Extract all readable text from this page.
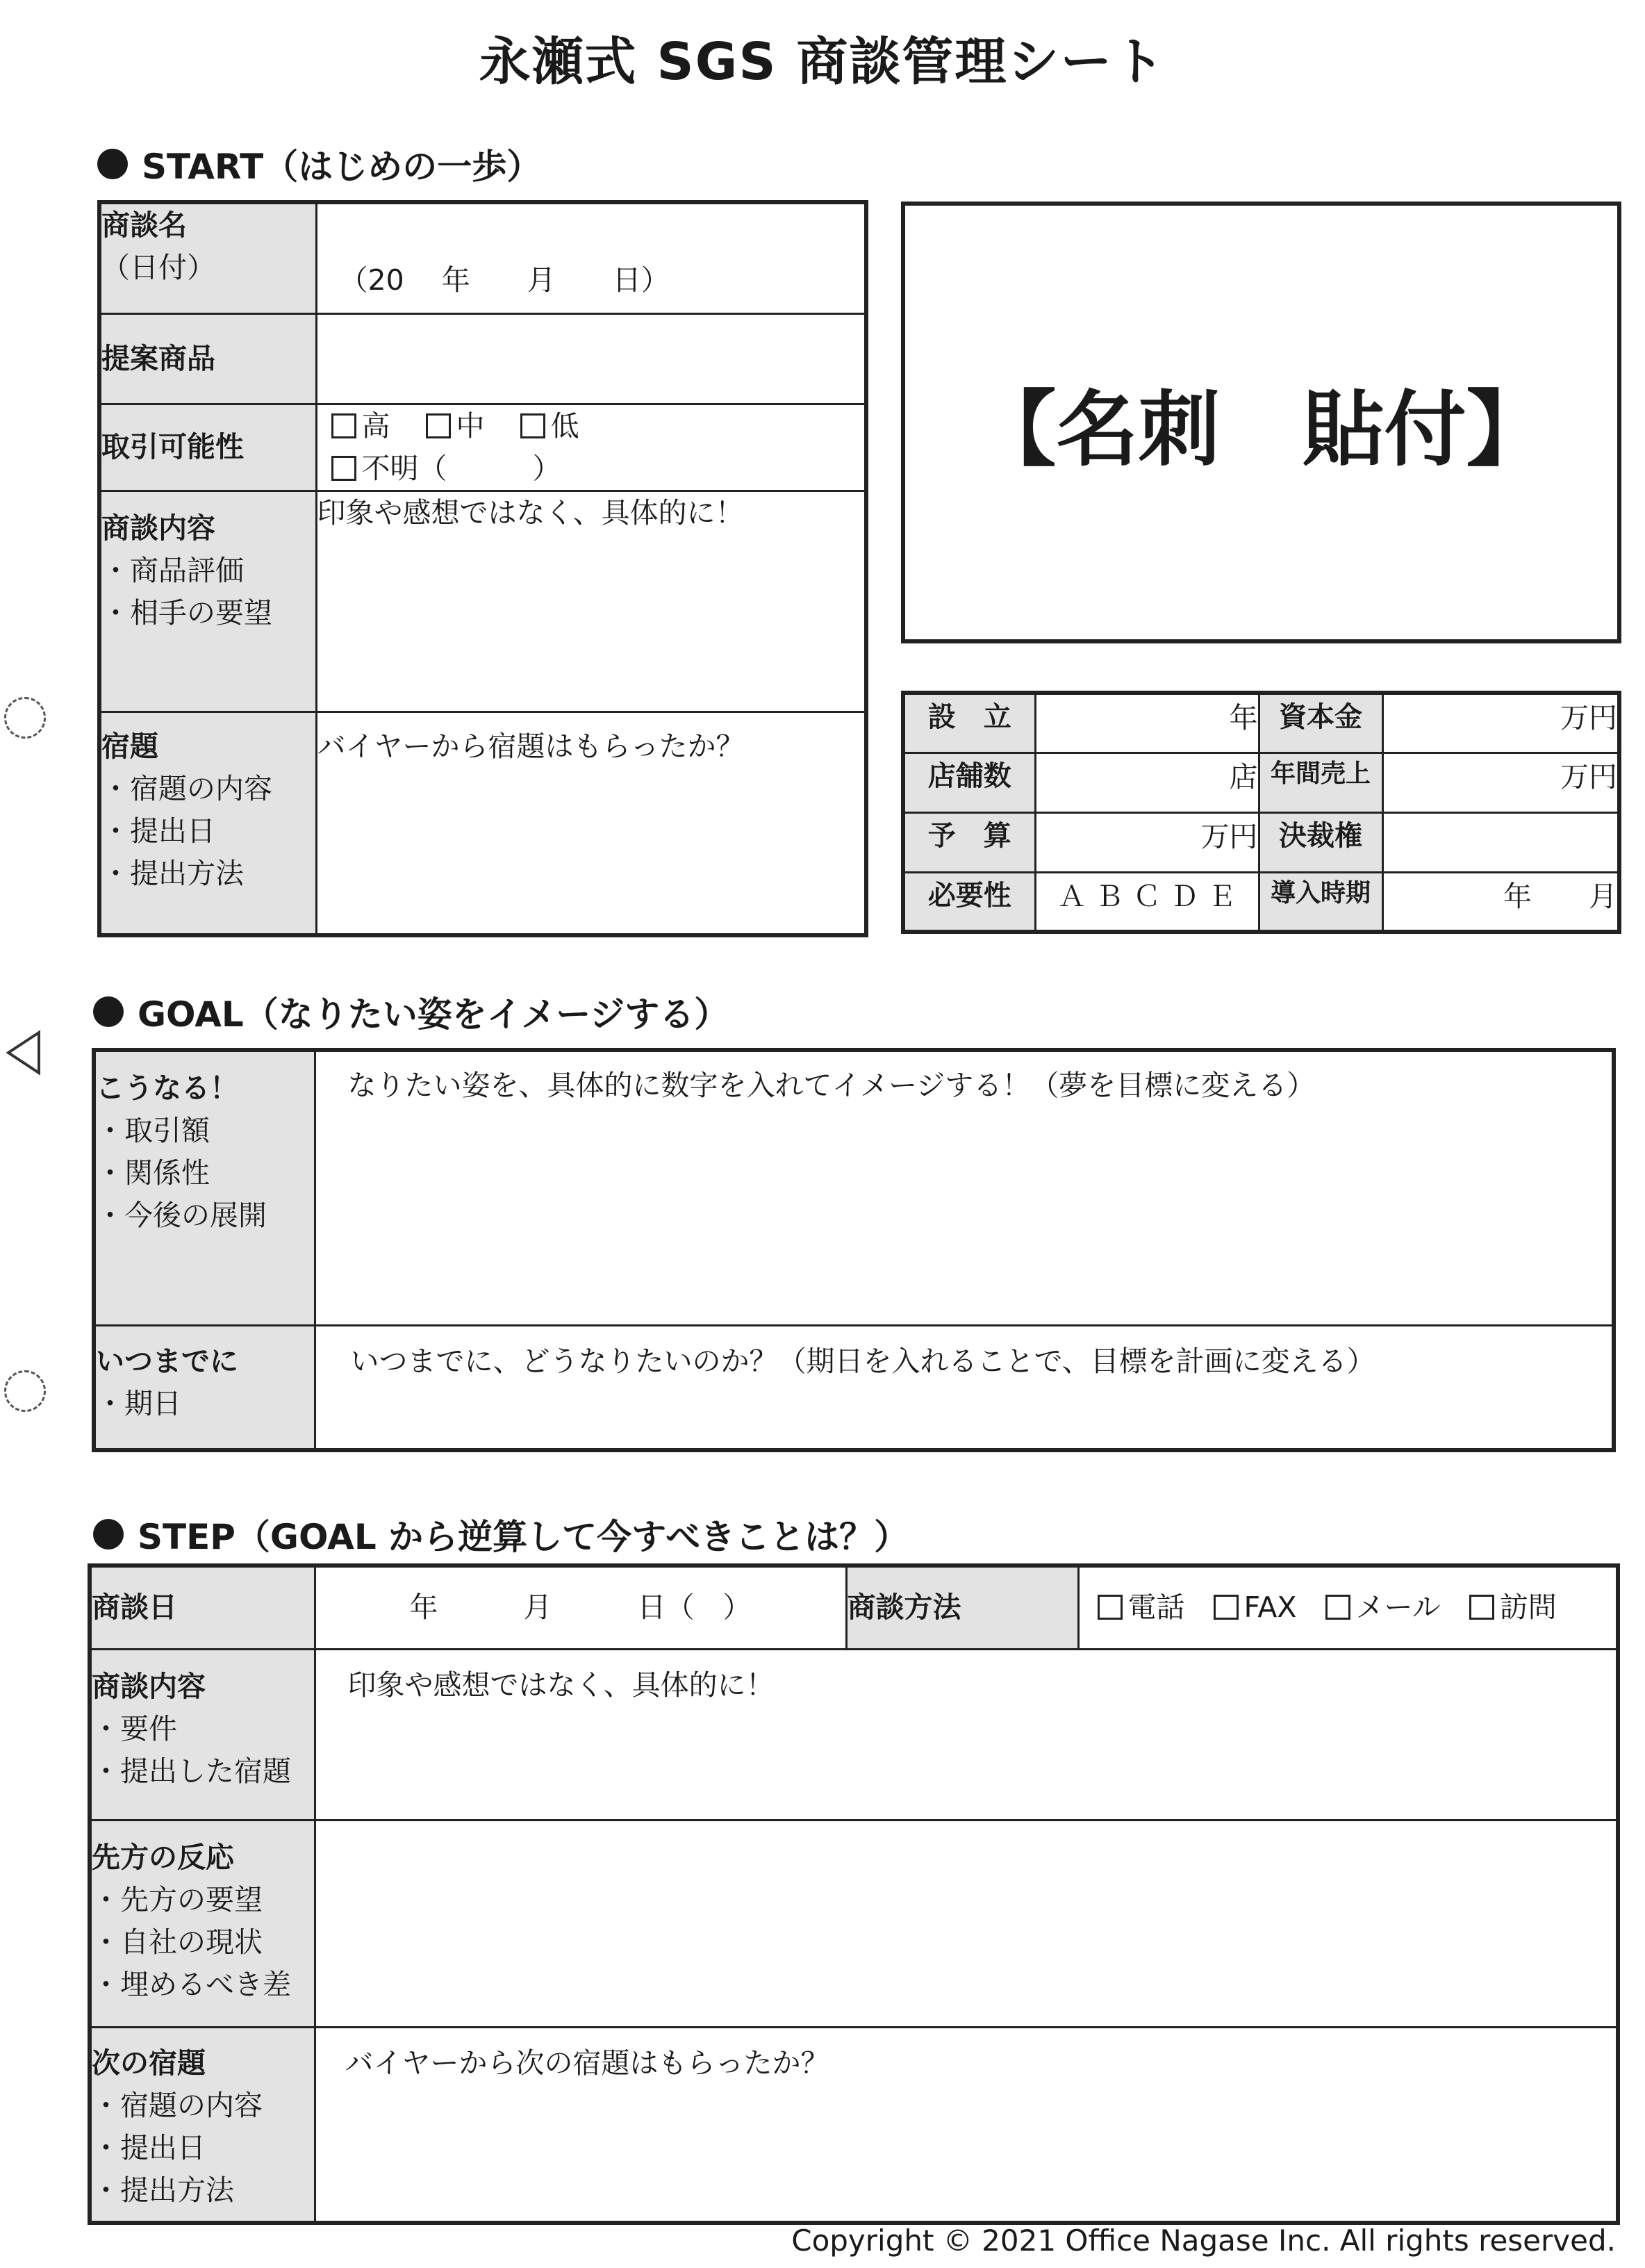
永瀬式 SGS 商談管理シート
START（はじめの一歩）
商談名
（日付）	（20　 年　　月　　日）
提案商品	
取引可能性	高 中 低 不明（　　　）

商談内容
・商品評価
・相手の要望	印象や感想ではなく、具体的に！

宿題
・宿題の内容
・提出日
・提出方法	バイヤーから宿題はもらったか？
【名刺　貼付】
設　立	年	資本金	万円
店舗数	店	年間売上	万円
予　算	万円	決裁権	
必要性	Ａ Ｂ Ｃ Ｄ Ｅ	導入時期	年　　月
GOAL（なりたい姿をイメージする）
こうなる！
・取引額
・関係性
・今後の展開	なりたい姿を、具体的に数字を入れてイメージする！（夢を目標に変える）

いつまでに
・期日	いつまでに、どうなりたいのか？（期日を入れることで、目標を計画に変える）
STEP（GOAL から逆算して今すべきことは？）
商談日	年　　　月　　　日（　）	商談方法	電話 FAX メール 訪問

商談内容
・要件
・提出した宿題	印象や感想ではなく、具体的に！		

先方の反応
・先方の要望
・自社の現状
・埋めるべき差			

次の宿題
・宿題の内容
・提出日
・提出方法	バイヤーから次の宿題はもらったか？		
Copyright © 2021 Office Nagase Inc. All rights reserved.
